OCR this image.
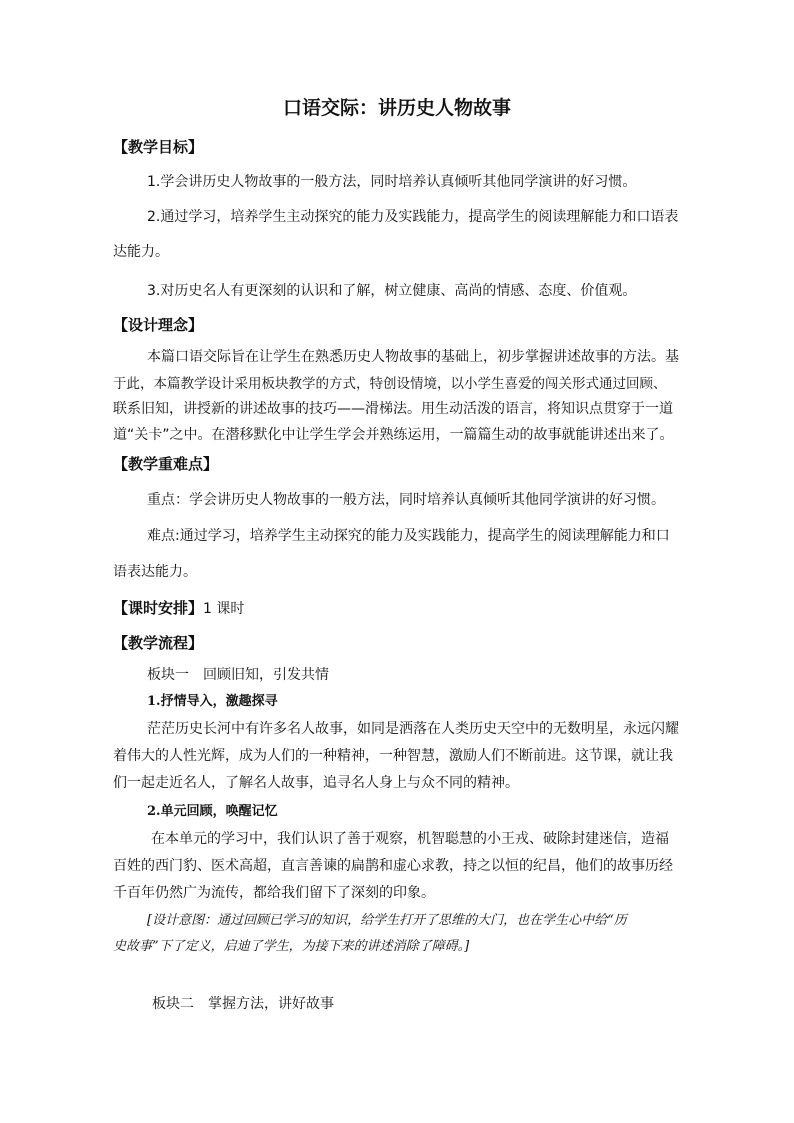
口语交际：讲历史人物故事

【教学目标】

1.学会讲历史人物故事的一般方法，同时培养认真倾听其他同学演讲的好习惯。

2.通过学习，培养学生主动探究的能力及实践能力，提高学生的阅读理解能力和口语表

达能力。

3.对历史名人有更深刻的认识和了解，树立健康、高尚的情感、态度、价值观。

【设计理念】

本篇口语交际旨在让学生在熟悉历史人物故事的基础上，初步掌握讲述故事的方法。基

于此，本篇教学设计采用板块教学的方式，特创设情境，以小学生喜爱的闯关形式通过回顾、

联系旧知，讲授新的讲述故事的技巧——滑梯法。用生动活泼的语言，将知识点贯穿于一道

道“关卡”之中。在潜移默化中让学生学会并熟练运用，一篇篇生动的故事就能讲述出来了。

【教学重难点】

重点：学会讲历史人物故事的一般方法，同时培养认真倾听其他同学演讲的好习惯。

难点:通过学习，培养学生主动探究的能力及实践能力，提高学生的阅读理解能力和口

语表达能力。

【课时安排】1 课时

【教学流程】

板块一　回顾旧知，引发共情

1.抒情导入，激趣探寻

茫茫历史长河中有许多名人故事，如同是洒落在人类历史天空中的无数明星，永远闪耀

着伟大的人性光辉，成为人们的一种精神，一种智慧，激励人们不断前进。这节课，就让我

们一起走近名人，了解名人故事，追寻名人身上与众不同的精神。

2.单元回顾，唤醒记忆

在本单元的学习中，我们认识了善于观察，机智聪慧的小王戎、破除封建迷信，造福

百姓的西门豹、医术高超，直言善谏的扁鹊和虚心求教，持之以恒的纪昌，他们的故事历经

千百年仍然广为流传，都给我们留下了深刻的印象。

[设计意图：通过回顾已学习的知识，给学生打开了思维的大门，也在学生心中给“历

史故事”下了定义，启迪了学生，为接下来的讲述消除了障碍。]

板块二　掌握方法，讲好故事
